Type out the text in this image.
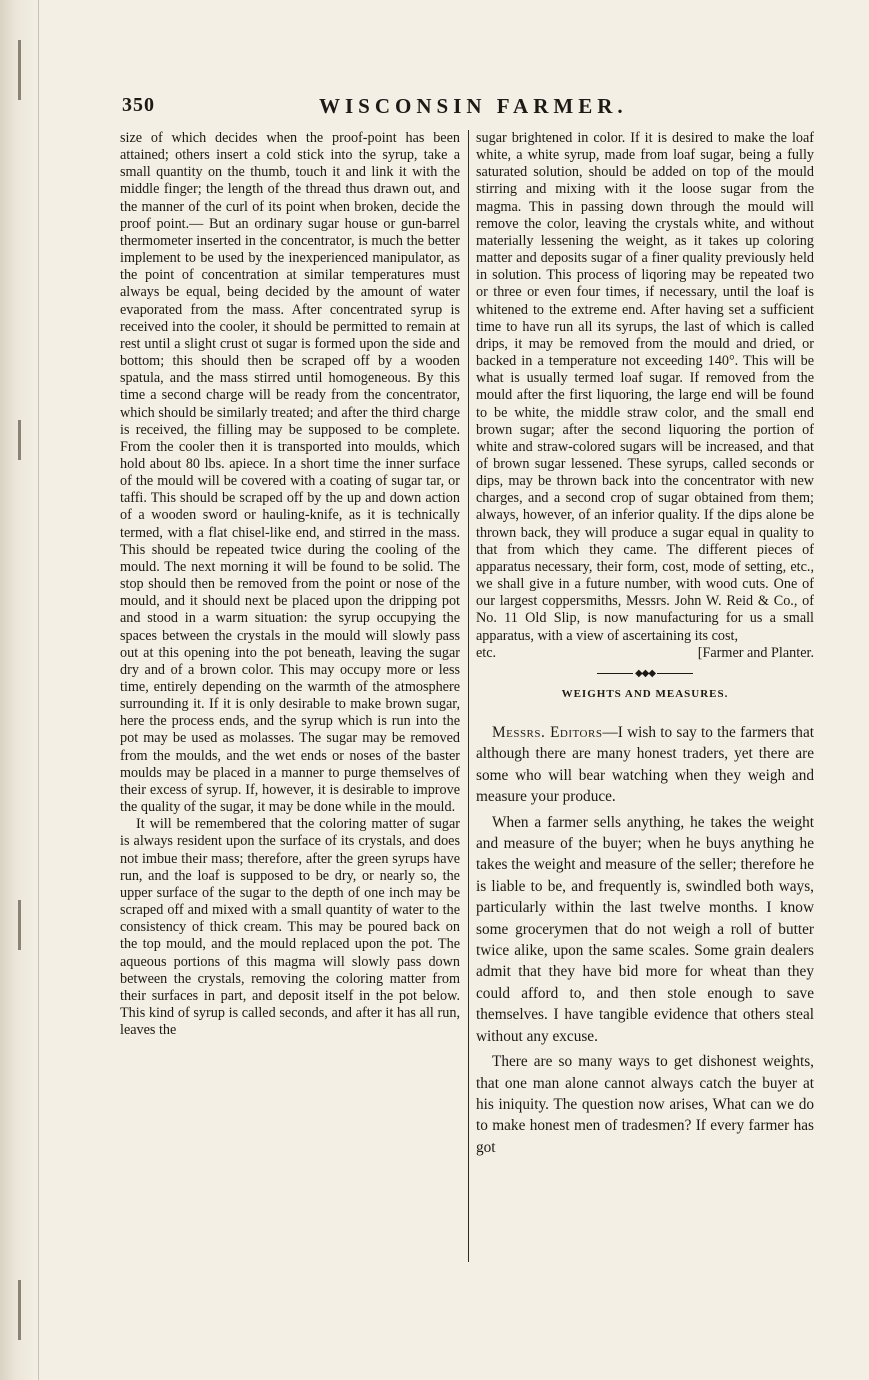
350	WISCONSIN FARMER.

size of which decides when the proof-point has been attained; others insert a cold stick into the syrup, take a small quantity on the thumb, touch it and link it with the middle finger; the length of the thread thus drawn out, and the manner of the curl of its point when broken, decide the proof point.— But an ordinary sugar house or gun-barrel thermometer inserted in the concentrator, is much the better implement to be used by the inexperienced manipulator, as the point of concentration at similar temperatures must always be equal, being decided by the amount of water evaporated from the mass. After concentrated syrup is received into the cooler, it should be permitted to remain at rest until a slight crust ot sugar is formed upon the side and bottom; this should then be scraped off by a wooden spatula, and the mass stirred until homogeneous. By this time a second charge will be ready from the concentrator, which should be similarly treated; and after the third charge is received, the filling may be supposed to be complete. From the cooler then it is transported into moulds, which hold about 80 lbs. apiece. In a short time the inner surface of the mould will be covered with a coating of sugar tar, or taffi. This should be scraped off by the up and down action of a wooden sword or hauling-knife, as it is technically termed, with a flat chisel-like end, and stirred in the mass. This should be repeated twice during the cooling of the mould. The next morning it will be found to be solid. The stop should then be removed from the point or nose of the mould, and it should next be placed upon the dripping pot and stood in a warm situation: the syrup occupying the spaces between the crystals in the mould will slowly pass out at this opening into the pot beneath, leaving the sugar dry and of a brown color. This may occupy more or less time, entirely depending on the warmth of the atmosphere surrounding it. If it is only desirable to make brown sugar, here the process ends, and the syrup which is run into the pot may be used as molasses. The sugar may be removed from the moulds, and the wet ends or noses of the baster moulds may be placed in a manner to purge themselves of their excess of syrup. If, however, it is desirable to improve the quality of the sugar, it may be done while in the mould.

It will be remembered that the coloring matter of sugar is always resident upon the surface of its crystals, and does not imbue their mass; therefore, after the green syrups have run, and the loaf is supposed to be dry, or nearly so, the upper surface of the sugar to the depth of one inch may be scraped off and mixed with a small quantity of water to the consistency of thick cream. This may be poured back on the top mould, and the mould replaced upon the pot. The aqueous portions of this magma will slowly pass down between the crystals, removing the coloring matter from their surfaces in part, and deposit itself in the pot below. This kind of syrup is called seconds, and after it has all run, leaves the

sugar brightened in color. If it is desired to make the loaf white, a white syrup, made from loaf sugar, being a fully saturated solution, should be added on top of the mould stirring and mixing with it the loose sugar from the magma. This in passing down through the mould will remove the color, leaving the crystals white, and without materially lessening the weight, as it takes up coloring matter and deposits sugar of a finer quality previously held in solution. This process of liqoring may be repeated two or three or even four times, if necessary, until the loaf is whitened to the extreme end. After having set a sufficient time to have run all its syrups, the last of which is called drips, it may be removed from the mould and dried, or backed in a temperature not exceeding 140°. This will be what is usually termed loaf sugar. If removed from the mould after the first liquoring, the large end will be found to be white, the middle straw color, and the small end brown sugar; after the second liquoring the portion of white and straw-colored sugars will be increased, and that of brown sugar lessened. These syrups, called seconds or dips, may be thrown back into the concentrator with new charges, and a second crop of sugar obtained from them; always, however, of an inferior quality. If the dips alone be thrown back, they will produce a sugar equal in quality to that from which they came. The different pieces of apparatus necessary, their form, cost, mode of setting, etc., we shall give in a future number, with wood cuts. One of our largest coppersmiths, Messrs. John W. Reid & Co., of No. 11 Old Slip, is now manufacturing for us a small apparatus, with a view of ascertaining its cost,

etc.	[Farmer and Planter.

◆◆◆
WEIGHTS AND MEASURES.

Messrs. Editors—I wish to say to the farmers that although there are many honest traders, yet there are some who will bear watching when they weigh and measure your produce.

When a farmer sells anything, he takes the weight and measure of the buyer; when he buys anything he takes the weight and measure of the seller; therefore he is liable to be, and frequently is, swindled both ways, particularly within the last twelve months. I know some grocerymen that do not weigh a roll of butter twice alike, upon the same scales. Some grain dealers admit that they have bid more for wheat than they could afford to, and then stole enough to save themselves. I have tangible evidence that others steal without any excuse.

There are so many ways to get dishonest weights, that one man alone cannot always catch the buyer at his iniquity. The question now arises, What can we do to make honest men of tradesmen? If every farmer has got
